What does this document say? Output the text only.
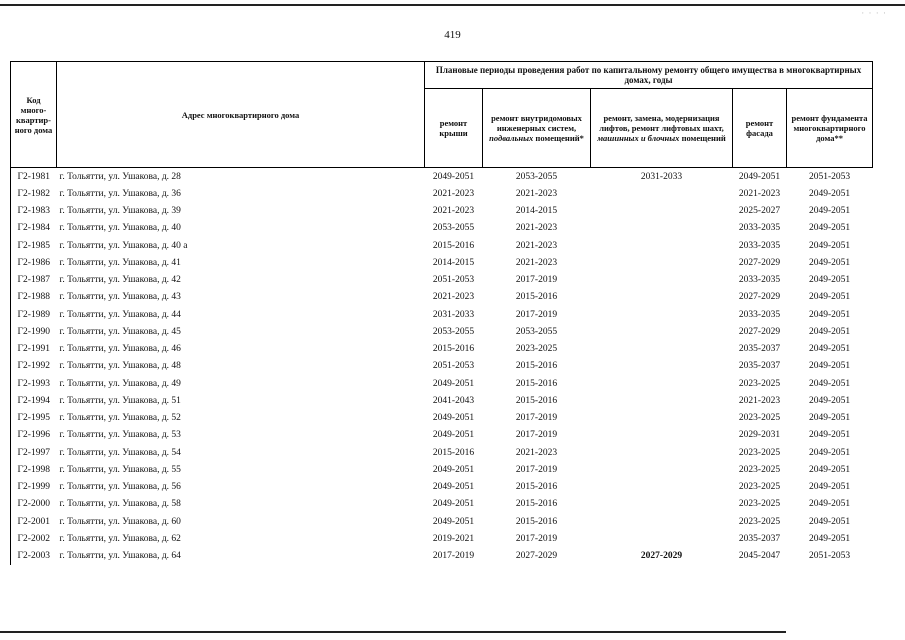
· · · ·
419
Код много-квартир-ного дома	Адрес многоквартирного дома	Плановые периоды проведения работ по капитальному ремонту общего имущества в многоквартирных домах, годы				
		ремонт крыши	ремонт внутридомовых инженерных систем, подвальных помещений*	ремонт, замена, модернизация лифтов, ремонт лифтовых шахт, машинных и блочных помещений	ремонт фасада	ремонт фундамента многоквартирного дома**
Г2-1981	г. Тольятти, ул. Ушакова, д. 28	2049-2051	2053-2055	2031-2033	2049-2051	2051-2053
Г2-1982	г. Тольятти, ул. Ушакова, д. 36	2021-2023	2021-2023		2021-2023	2049-2051
Г2-1983	г. Тольятти, ул. Ушакова, д. 39	2021-2023	2014-2015		2025-2027	2049-2051
Г2-1984	г. Тольятти, ул. Ушакова, д. 40	2053-2055	2021-2023		2033-2035	2049-2051
Г2-1985	г. Тольятти, ул. Ушакова, д. 40 а	2015-2016	2021-2023		2033-2035	2049-2051
Г2-1986	г. Тольятти, ул. Ушакова, д. 41	2014-2015	2021-2023		2027-2029	2049-2051
Г2-1987	г. Тольятти, ул. Ушакова, д. 42	2051-2053	2017-2019		2033-2035	2049-2051
Г2-1988	г. Тольятти, ул. Ушакова, д. 43	2021-2023	2015-2016		2027-2029	2049-2051
Г2-1989	г. Тольятти, ул. Ушакова, д. 44	2031-2033	2017-2019		2033-2035	2049-2051
Г2-1990	г. Тольятти, ул. Ушакова, д. 45	2053-2055	2053-2055		2027-2029	2049-2051
Г2-1991	г. Тольятти, ул. Ушакова, д. 46	2015-2016	2023-2025		2035-2037	2049-2051
Г2-1992	г. Тольятти, ул. Ушакова, д. 48	2051-2053	2015-2016		2035-2037	2049-2051
Г2-1993	г. Тольятти, ул. Ушакова, д. 49	2049-2051	2015-2016		2023-2025	2049-2051
Г2-1994	г. Тольятти, ул. Ушакова, д. 51	2041-2043	2015-2016		2021-2023	2049-2051
Г2-1995	г. Тольятти, ул. Ушакова, д. 52	2049-2051	2017-2019		2023-2025	2049-2051
Г2-1996	г. Тольятти, ул. Ушакова, д. 53	2049-2051	2017-2019		2029-2031	2049-2051
Г2-1997	г. Тольятти, ул. Ушакова, д. 54	2015-2016	2021-2023		2023-2025	2049-2051
Г2-1998	г. Тольятти, ул. Ушакова, д. 55	2049-2051	2017-2019		2023-2025	2049-2051
Г2-1999	г. Тольятти, ул. Ушакова, д. 56	2049-2051	2015-2016		2023-2025	2049-2051
Г2-2000	г. Тольятти, ул. Ушакова, д. 58	2049-2051	2015-2016		2023-2025	2049-2051
Г2-2001	г. Тольятти, ул. Ушакова, д. 60	2049-2051	2015-2016		2023-2025	2049-2051
Г2-2002	г. Тольятти, ул. Ушакова, д. 62	2019-2021	2017-2019		2035-2037	2049-2051
Г2-2003	г. Тольятти, ул. Ушакова, д. 64	2017-2019	2027-2029	2027-2029	2045-2047	2051-2053
